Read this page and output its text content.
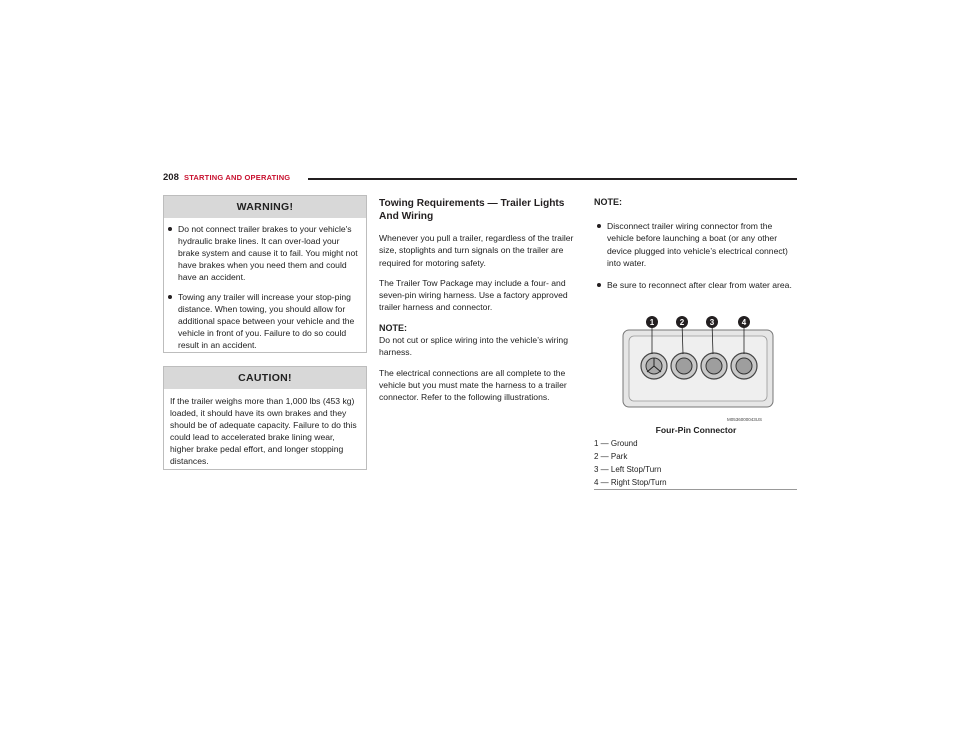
208 STARTING AND OPERATING
WARNING!
Do not connect trailer brakes to your vehicle's hydraulic brake lines. It can over-load your brake system and cause it to fail. You might not have brakes when you need them and could have an accident.
Towing any trailer will increase your stop-ping distance. When towing, you should allow for additional space between your vehicle and the vehicle in front of you. Failure to do so could result in an accident.
CAUTION!

If the trailer weighs more than 1,000 lbs (453 kg) loaded, it should have its own brakes and they should be of adequate capacity. Failure to do this could lead to accelerated brake lining wear, higher brake pedal effort, and longer stopping distances.

Towing Requirements — Trailer Lights And Wiring

Whenever you pull a trailer, regardless of the trailer size, stoplights and turn signals on the trailer are required for motoring safety.

The Trailer Tow Package may include a four- and seven-pin wiring harness. Use a factory approved trailer harness and connector.

NOTE:
Do not cut or splice wiring into the vehicle’s wiring harness.

The electrical connections are all complete to the vehicle but you must mate the harness to a trailer connector. Refer to the following illustrations.

NOTE:
Disconnect trailer wiring connector from the vehicle before launching a boat (or any other device plugged into vehicle’s electrical connect) into water.
Be sure to reconnect after clear from water area.
1	2	3	4
M0536000043US
Four-Pin Connector
1 — Ground
2 — Park
3 — Left Stop/Turn
4 — Right Stop/Turn
